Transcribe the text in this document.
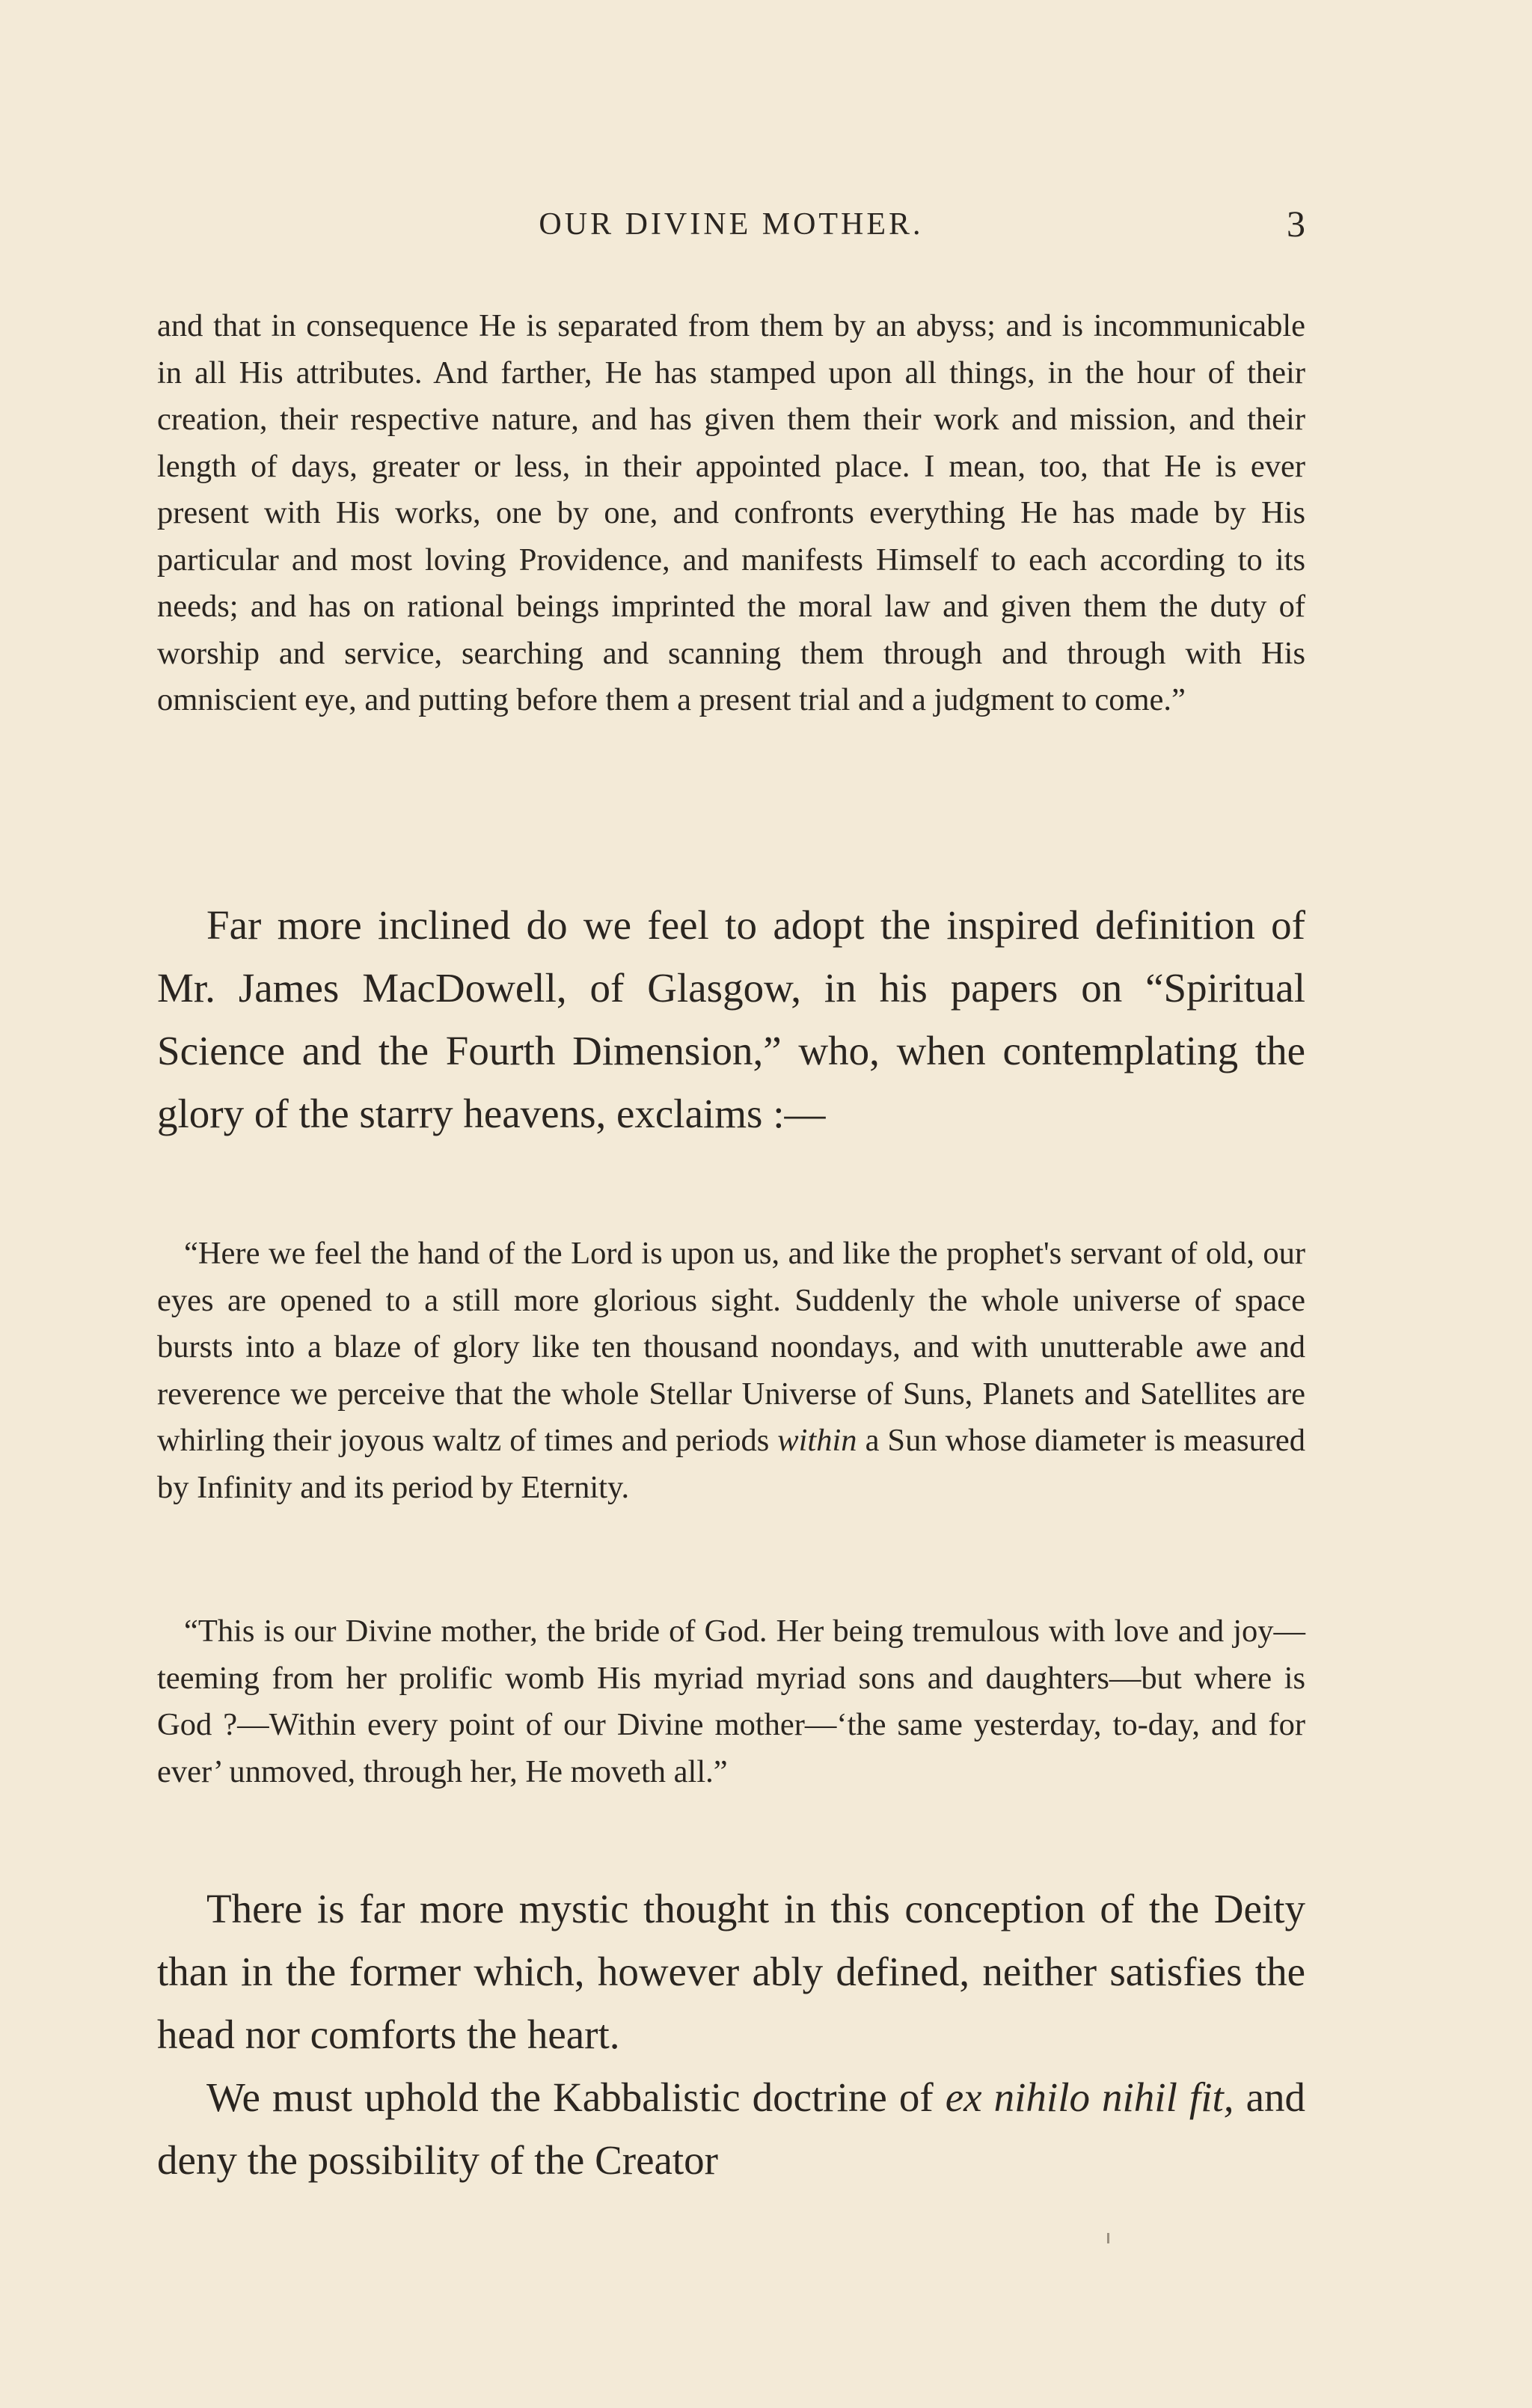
OUR DIVINE MOTHER.	3

and that in consequence He is separated from them by an abyss; and is incommunicable in all His attributes. And farther, He has stamped upon all things, in the hour of their creation, their respective nature, and has given them their work and mission, and their length of days, greater or less, in their appointed place. I mean, too, that He is ever present with His works, one by one, and confronts everything He has made by His particular and most loving Providence, and manifests Himself to each according to its needs; and has on rational beings imprinted the moral law and given them the duty of worship and service, searching and scanning them through and through with His omniscient eye, and putting before them a present trial and a judgment to come.”

Far more inclined do we feel to adopt the inspired definition of Mr. James MacDowell, of Glasgow, in his papers on “Spiritual Science and the Fourth Dimension,” who, when contemplating the glory of the starry heavens, exclaims :—

“Here we feel the hand of the Lord is upon us, and like the prophet's servant of old, our eyes are opened to a still more glorious sight. Suddenly the whole universe of space bursts into a blaze of glory like ten thousand noondays, and with unutterable awe and reverence we perceive that the whole Stellar Universe of Suns, Planets and Satellites are whirling their joyous waltz of times and periods within a Sun whose diameter is measured by Infinity and its period by Eternity.

“This is our Divine mother, the bride of God. Her being tremulous with love and joy—teeming from her prolific womb His myriad myriad sons and daughters—but where is God ?—Within every point of our Divine mother—‘the same yesterday, to-day, and for ever’ unmoved, through her, He moveth all.”

There is far more mystic thought in this conception of the Deity than in the former which, however ably defined, neither satisfies the head nor comforts the heart.

We must uphold the Kabbalistic doctrine of ex nihilo nihil fit, and deny the possibility of the Creator
